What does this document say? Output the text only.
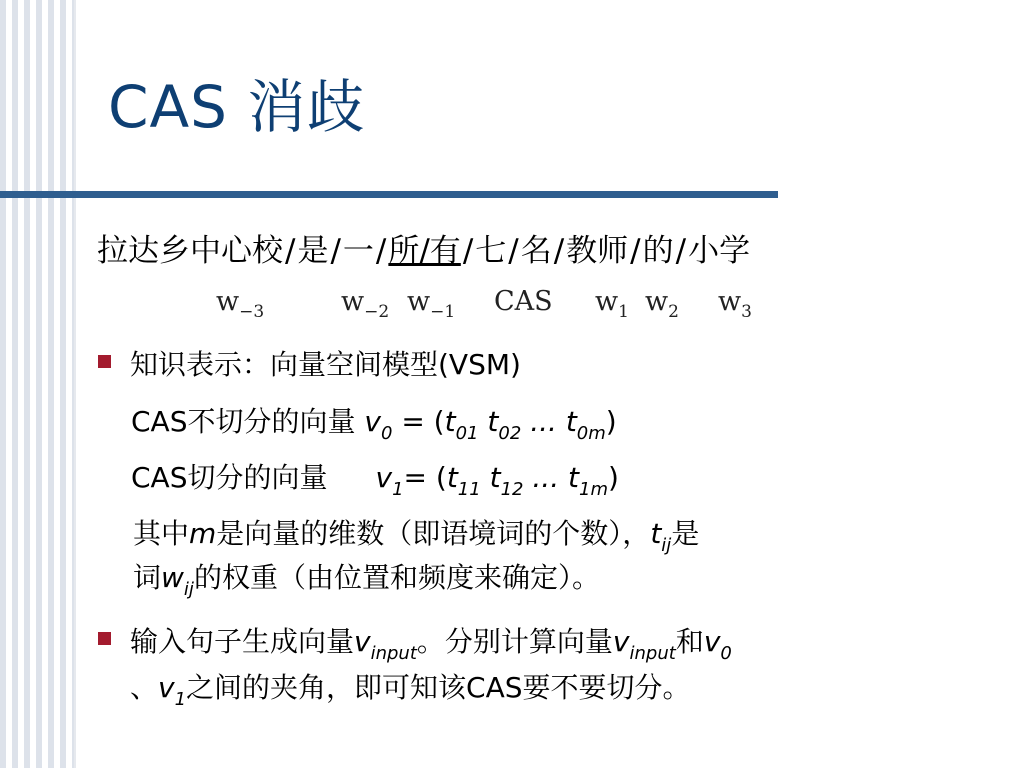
CAS 消歧
拉达乡中心校/是/一/所/有/七/名/教师/的/小学
$w_{-3}$	$w_{-2}$ $w_{-1}$ CAS $w_1$ $w_2$ $w_3$
知识表示：向量空间模型(VSM)
CAS不切分的向量 $v_0 = (t_{01}$ $t_{02}$ ... $t_{0m}$)
CAS切分的向量 $v_1= (t_{11}$ $t_{12}$ ... $t_{1m}$)
其中m是向量的维数（即语境词的个数），$t_{ij}$是
词$w_{ij}$的权重（由位置和频度来确定）。
输入句子生成向量$v_{input}$。分别计算向量$v_{input}$和$v_0$
、$v_1$之间的夹角，即可知该CAS要不要切分。
